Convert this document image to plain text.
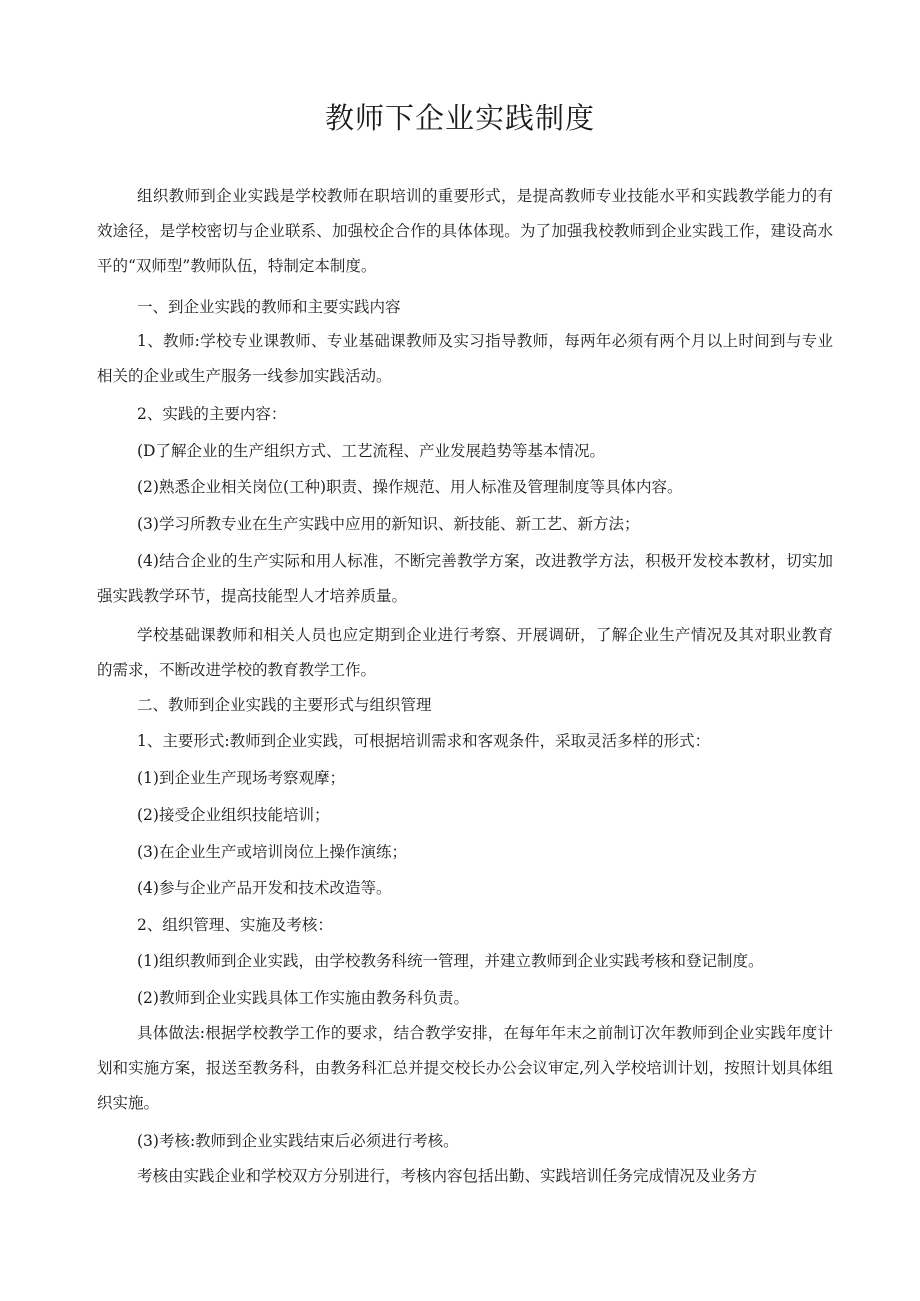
教师下企业实践制度

组织教师到企业实践是学校教师在职培训的重要形式，是提高教师专业技能水平和实践教学能力的有效途径，是学校密切与企业联系、加强校企合作的具体体现。为了加强我校教师到企业实践工作，建设高水平的“双师型”教师队伍，特制定本制度。

一、到企业实践的教师和主要实践内容

1、教师:学校专业课教师、专业基础课教师及实习指导教师，每两年必须有两个月以上时间到与专业相关的企业或生产服务一线参加实践活动。

2、实践的主要内容：

(D了解企业的生产组织方式、工艺流程、产业发展趋势等基本情况。

(2)熟悉企业相关岗位(工种)职责、操作规范、用人标准及管理制度等具体内容。

(3)学习所教专业在生产实践中应用的新知识、新技能、新工艺、新方法；

(4)结合企业的生产实际和用人标准，不断完善教学方案，改进教学方法，积极开发校本教材，切实加强实践教学环节，提高技能型人才培养质量。

学校基础课教师和相关人员也应定期到企业进行考察、开展调研，了解企业生产情况及其对职业教育的需求，不断改进学校的教育教学工作。

二、教师到企业实践的主要形式与组织管理

1、主要形式:教师到企业实践，可根据培训需求和客观条件，采取灵活多样的形式：

(1)到企业生产现场考察观摩；

(2)接受企业组织技能培训；

(3)在企业生产或培训岗位上操作演练；

(4)参与企业产品开发和技术改造等。

2、组织管理、实施及考核：

(1)组织教师到企业实践，由学校教务科统一管理，并建立教师到企业实践考核和登记制度。

(2)教师到企业实践具体工作实施由教务科负责。

具体做法:根据学校教学工作的要求，结合教学安排，在每年年末之前制订次年教师到企业实践年度计划和实施方案，报送至教务科，由教务科汇总并提交校长办公会议审定,列入学校培训计划，按照计划具体组织实施。

(3)考核:教师到企业实践结束后必须进行考核。

考核由实践企业和学校双方分别进行，考核内容包括出勤、实践培训任务完成情况及业务方
